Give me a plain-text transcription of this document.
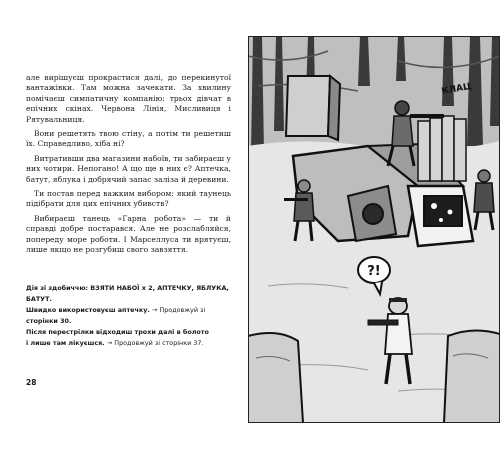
але вирішуєш прокрастися далі, до перекинутої вантажівки. Там можна зачекати. За хвилину помічаєш симпатичну компанію: трьох дівчат в епічних скінах. Червона Лінія, Мисливиця і Рятувальниця.

Вони решетять твою стіну, а потім ти решетиш їх. Справедливо, хіба ні?

Витративши два магазини набоїв, ти забираєш у них чотири. Непогано! А що ще в них є? Аптечка, батут, яблука і добрячий запас заліза й деревини.

Ти постав перед важким вибором: який таунець підібрати для цих епічних убивств?

Вибираєш танець «Гарна робота» — ти й справді добре постарався. Але не розслабляйся, попереду море роботи. І Марселлуса ти врятуєш, лише якщо не розгубиш свого завзяття.

Дія зі здобиччю: ВЗЯТИ НАБОЇ x 2, АПТЕЧКУ, ЯБЛУКА,
БАТУТ.
Швидко використовуєш аптечку. → Продовжуй зі
сторінки 30.
Після перестрілки відходиш трохи далі в болото
і лише там лікуєшся. → Продовжуй зі сторінки 37.
28
КЛАЦ
?!
